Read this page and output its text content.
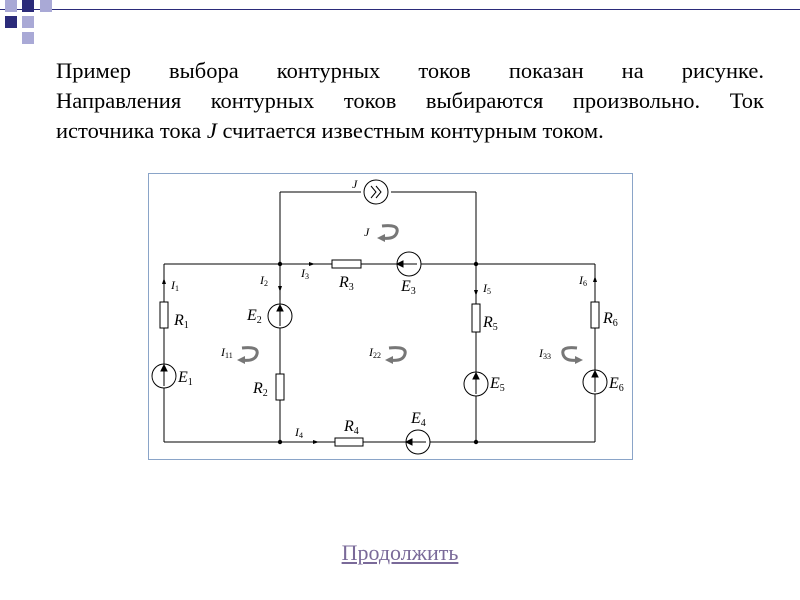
Пример выбора контурных токов показан на рисунке.

Направления контурных токов выбираются произвольно. Ток

источника тока J считается известным контурным током.

J
J
I1
I2
I3
I4
I5
I6
R1
R2
R3
R4
R5
R6
E1
E2
E3
E4
E5	E6
I11	I22	I33
Продолжить
